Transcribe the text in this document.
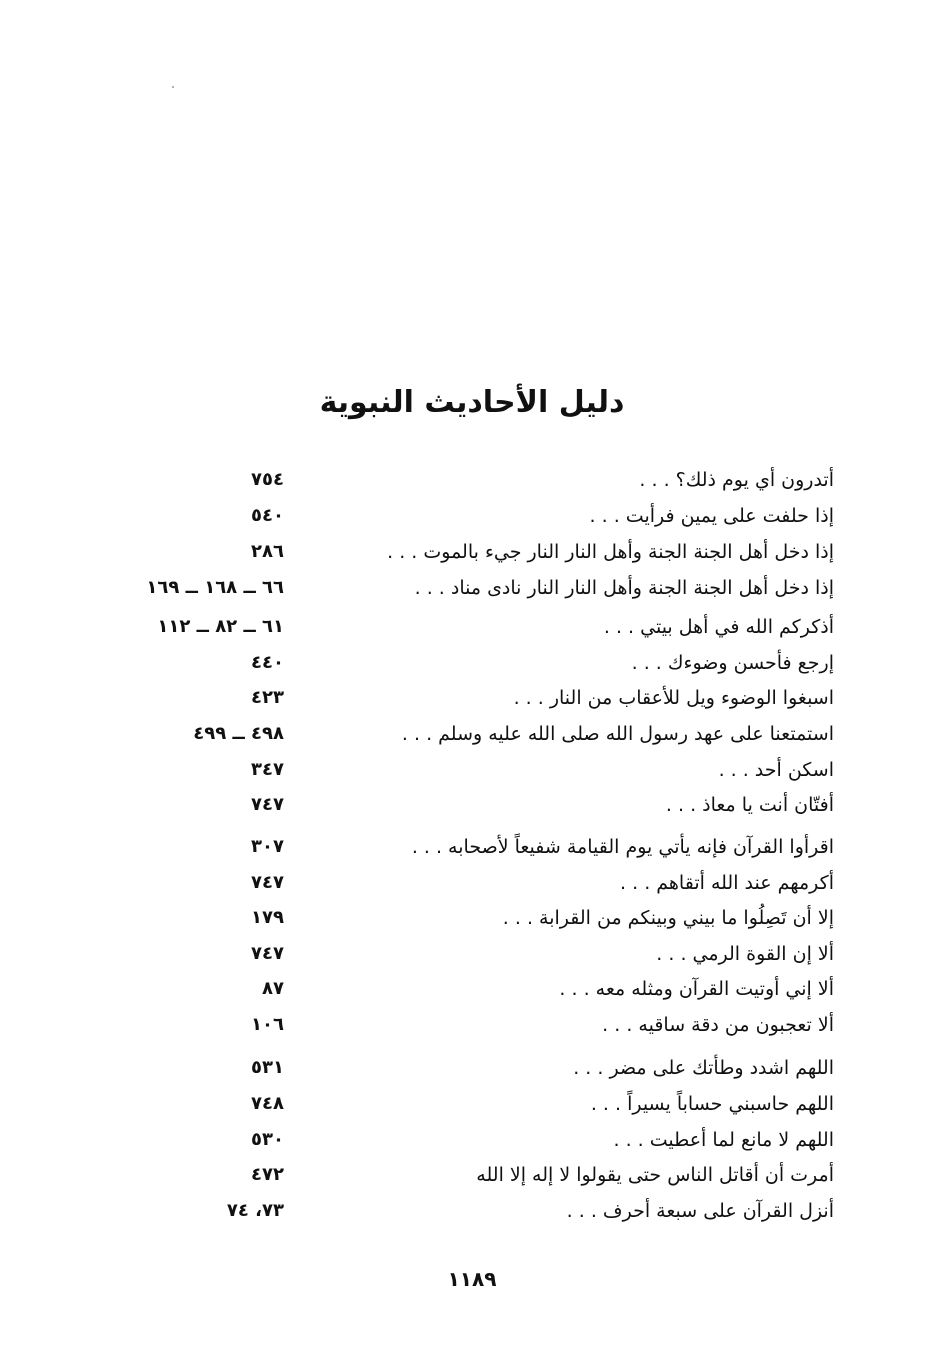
دليل الأحاديث النبوية
أتدرون أي يوم ذلك؟ . . .
٧٥٤
إذا حلفت على يمين فرأيت . . .
٥٤٠
إذا دخل أهل الجنة الجنة وأهل النار النار جيء بالموت . . .
٢٨٦
إذا دخل أهل الجنة الجنة وأهل النار النار نادى مناد . . .
٦٦ ــ ١٦٨ ــ ١٦٩
أذكركم الله في أهل بيتي . . .
٦١ ــ ٨٢ ــ ١١٢
إرجع فأحسن وضوءك . . .
٤٤٠
اسبغوا الوضوء ويل للأعقاب من النار . . .
٤٢٣
استمتعنا على عهد رسول الله صلى الله عليه وسلم . . .
٤٩٨ ــ ٤٩٩
اسكن أحد . . .
٣٤٧
أفتّان أنت يا معاذ . . .
٧٤٧
اقرأوا القرآن فإنه يأتي يوم القيامة شفيعاً لأصحابه . . .
٣٠٧
أكرمهم عند الله أتقاهم . . .
٧٤٧
إلا أن تَصِلُوا ما بيني وبينكم من القرابة . . .
١٧٩
ألا إن القوة الرمي . . .
٧٤٧
ألا إني أوتيت القرآن ومثله معه . . .
٨٧
ألا تعجبون من دقة ساقيه . . .
١٠٦
اللهم اشدد وطأتك على مضر . . .
٥٣١
اللهم حاسبني حساباً يسيراً . . .
٧٤٨
اللهم لا مانع لما أعطيت . . .
٥٣٠
أمرت أن أقاتل الناس حتى يقولوا لا إله إلا الله
٤٧٢
أنزل القرآن على سبعة أحرف . . .
٧٣، ٧٤
١١٨٩
